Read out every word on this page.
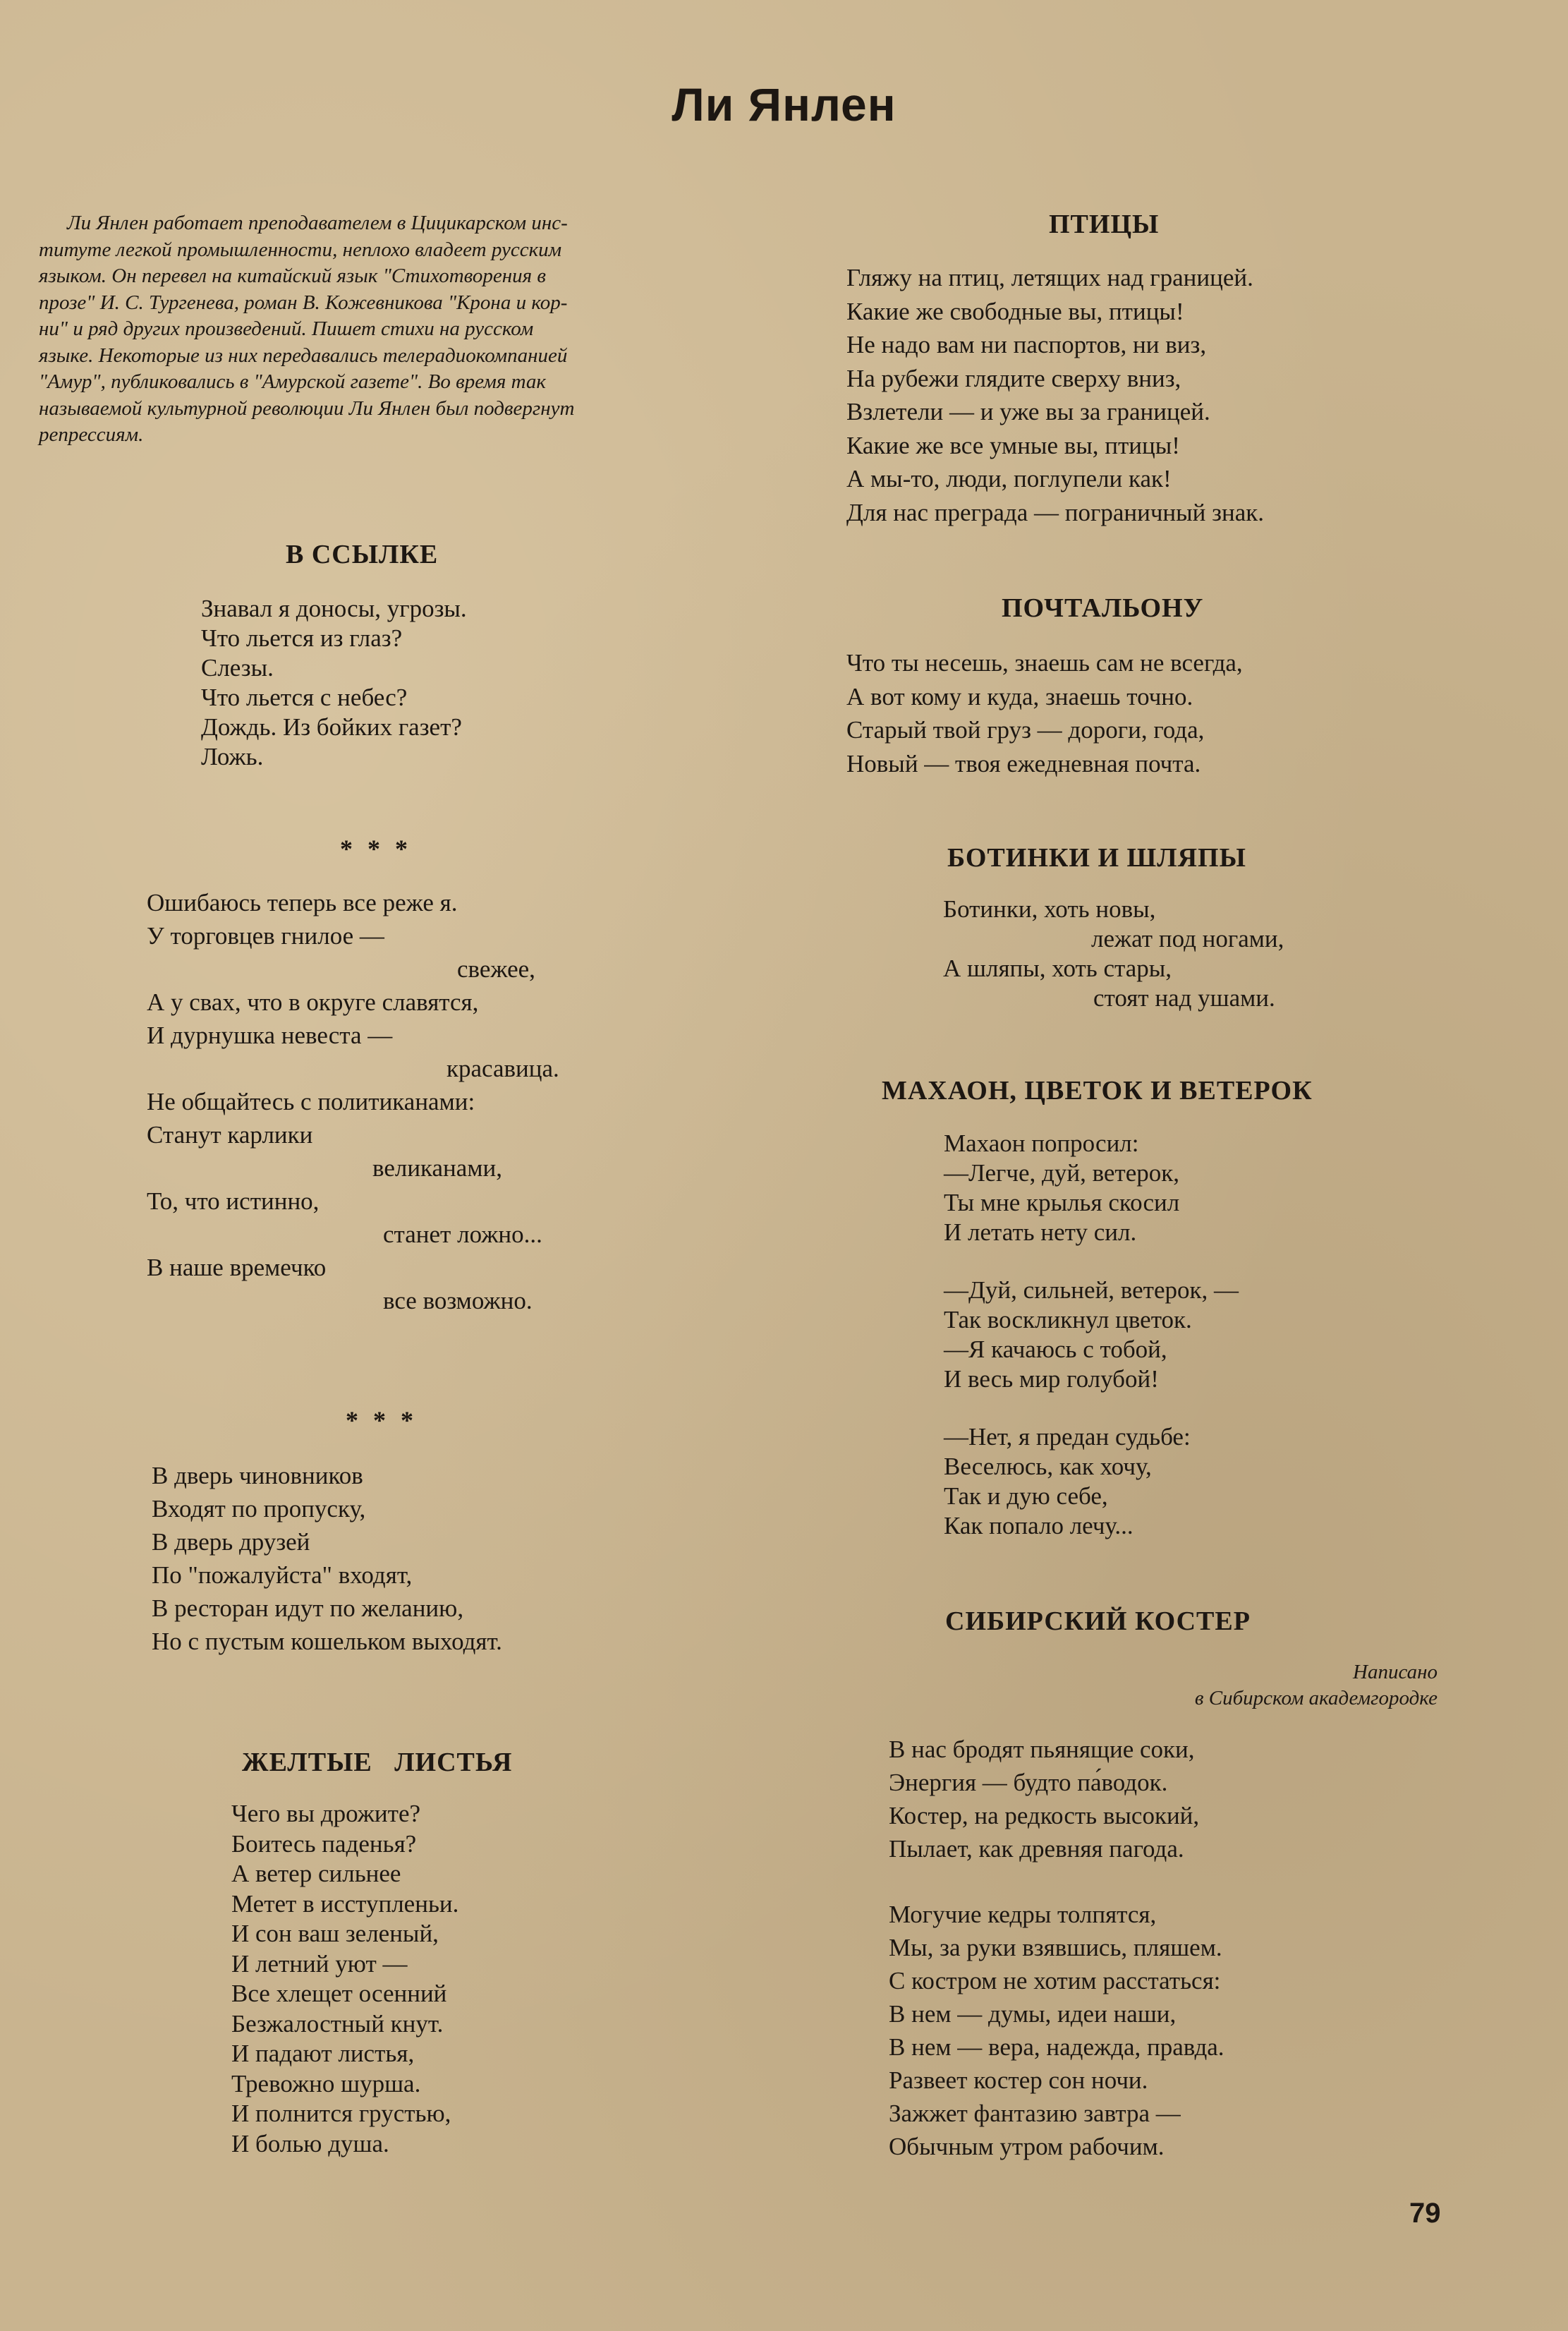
Ли Янлен

Ли Янлен работает преподавателем в Цицикарском инс-
титуте легкой промышленности, неплохо владеет русским
языком. Он перевел на китайский язык "Стихотворения в
прозе" И. С. Тургенева, роман В. Кожевникова "Крона и кор-
ни" и ряд других произведений. Пишет стихи на русском
языке. Некоторые из них передавались телерадиокомпанией
"Амур", публиковались в "Амурской газете". Во время так
называемой культурной революции Ли Янлен был подвергнут
репрессиям.

В ССЫЛКЕ
Знавал я доносы, угрозы.
Что льется из глаз?
Слезы.
Что льется с небес?
Дождь. Из бойких газет?
Ложь.
* * *
Ошибаюсь теперь все реже я.
У торговцев гнилое —
свежее,
А у свах, что в округе славятся,
И дурнушка невеста —
красавица.
Не общайтесь с политиканами:
Станут карлики
великанами,
То, что истинно,
станет ложно...
В наше времечко
все возможно.
* * *
В дверь чиновников
Входят по пропуску,
В дверь друзей
По "пожалуйста" входят,
В ресторан идут по желанию,
Но с пустым кошельком выходят.
ЖЕЛТЫЕ   ЛИСТЬЯ
Чего вы дрожите?
Боитесь паденья?
А ветер сильнее
Метет в исступленьи.
И сон ваш зеленый,
И летний уют —
Все хлещет осенний
Безжалостный кнут.
И падают листья,
Тревожно шурша.
И полнится грустью,
И болью душа.
ПТИЦЫ
Гляжу на птиц, летящих над границей.
Какие же свободные вы, птицы!
Не надо вам ни паспортов, ни виз,
На рубежи глядите сверху вниз,
Взлетели — и уже вы за границей.
Какие же все умные вы, птицы!
А мы-то, люди, поглупели как!
Для нас преграда — пограничный знак.
ПОЧТАЛЬОНУ
Что ты несешь, знаешь сам не всегда,
А вот кому и куда, знаешь точно.
Старый твой груз — дороги, года,
Новый — твоя ежедневная почта.
БОТИНКИ И ШЛЯПЫ
Ботинки, хоть новы,
лежат под ногами,
А шляпы, хоть стары,
стоят над ушами.
МАХАОН, ЦВЕТОК И ВЕТЕРОК
Махаон попросил:
—Легче, дуй, ветерок,
Ты мне крылья скосил
И летать нету сил.
—Дуй, сильней, ветерок, —
Так воскликнул цветок.
—Я качаюсь с тобой,
И весь мир голубой!
—Нет, я предан судьбе:
Веселюсь, как хочу,
Так и дую себе,
Как попало лечу...
СИБИРСКИЙ КОСТЕР

Написано
в Сибирском академгородке

В нас бродят пьянящие соки,
Энергия — будто па́водок.
Костер, на редкость высокий,
Пылает, как древняя пагода.
Могучие кедры толпятся,
Мы, за руки взявшись, пляшем.
С костром не хотим расстаться:
В нем — думы, идеи наши,
В нем — вера, надежда, правда.
Развеет костер сон ночи.
Зажжет фантазию завтра —
Обычным утром рабочим.
79
